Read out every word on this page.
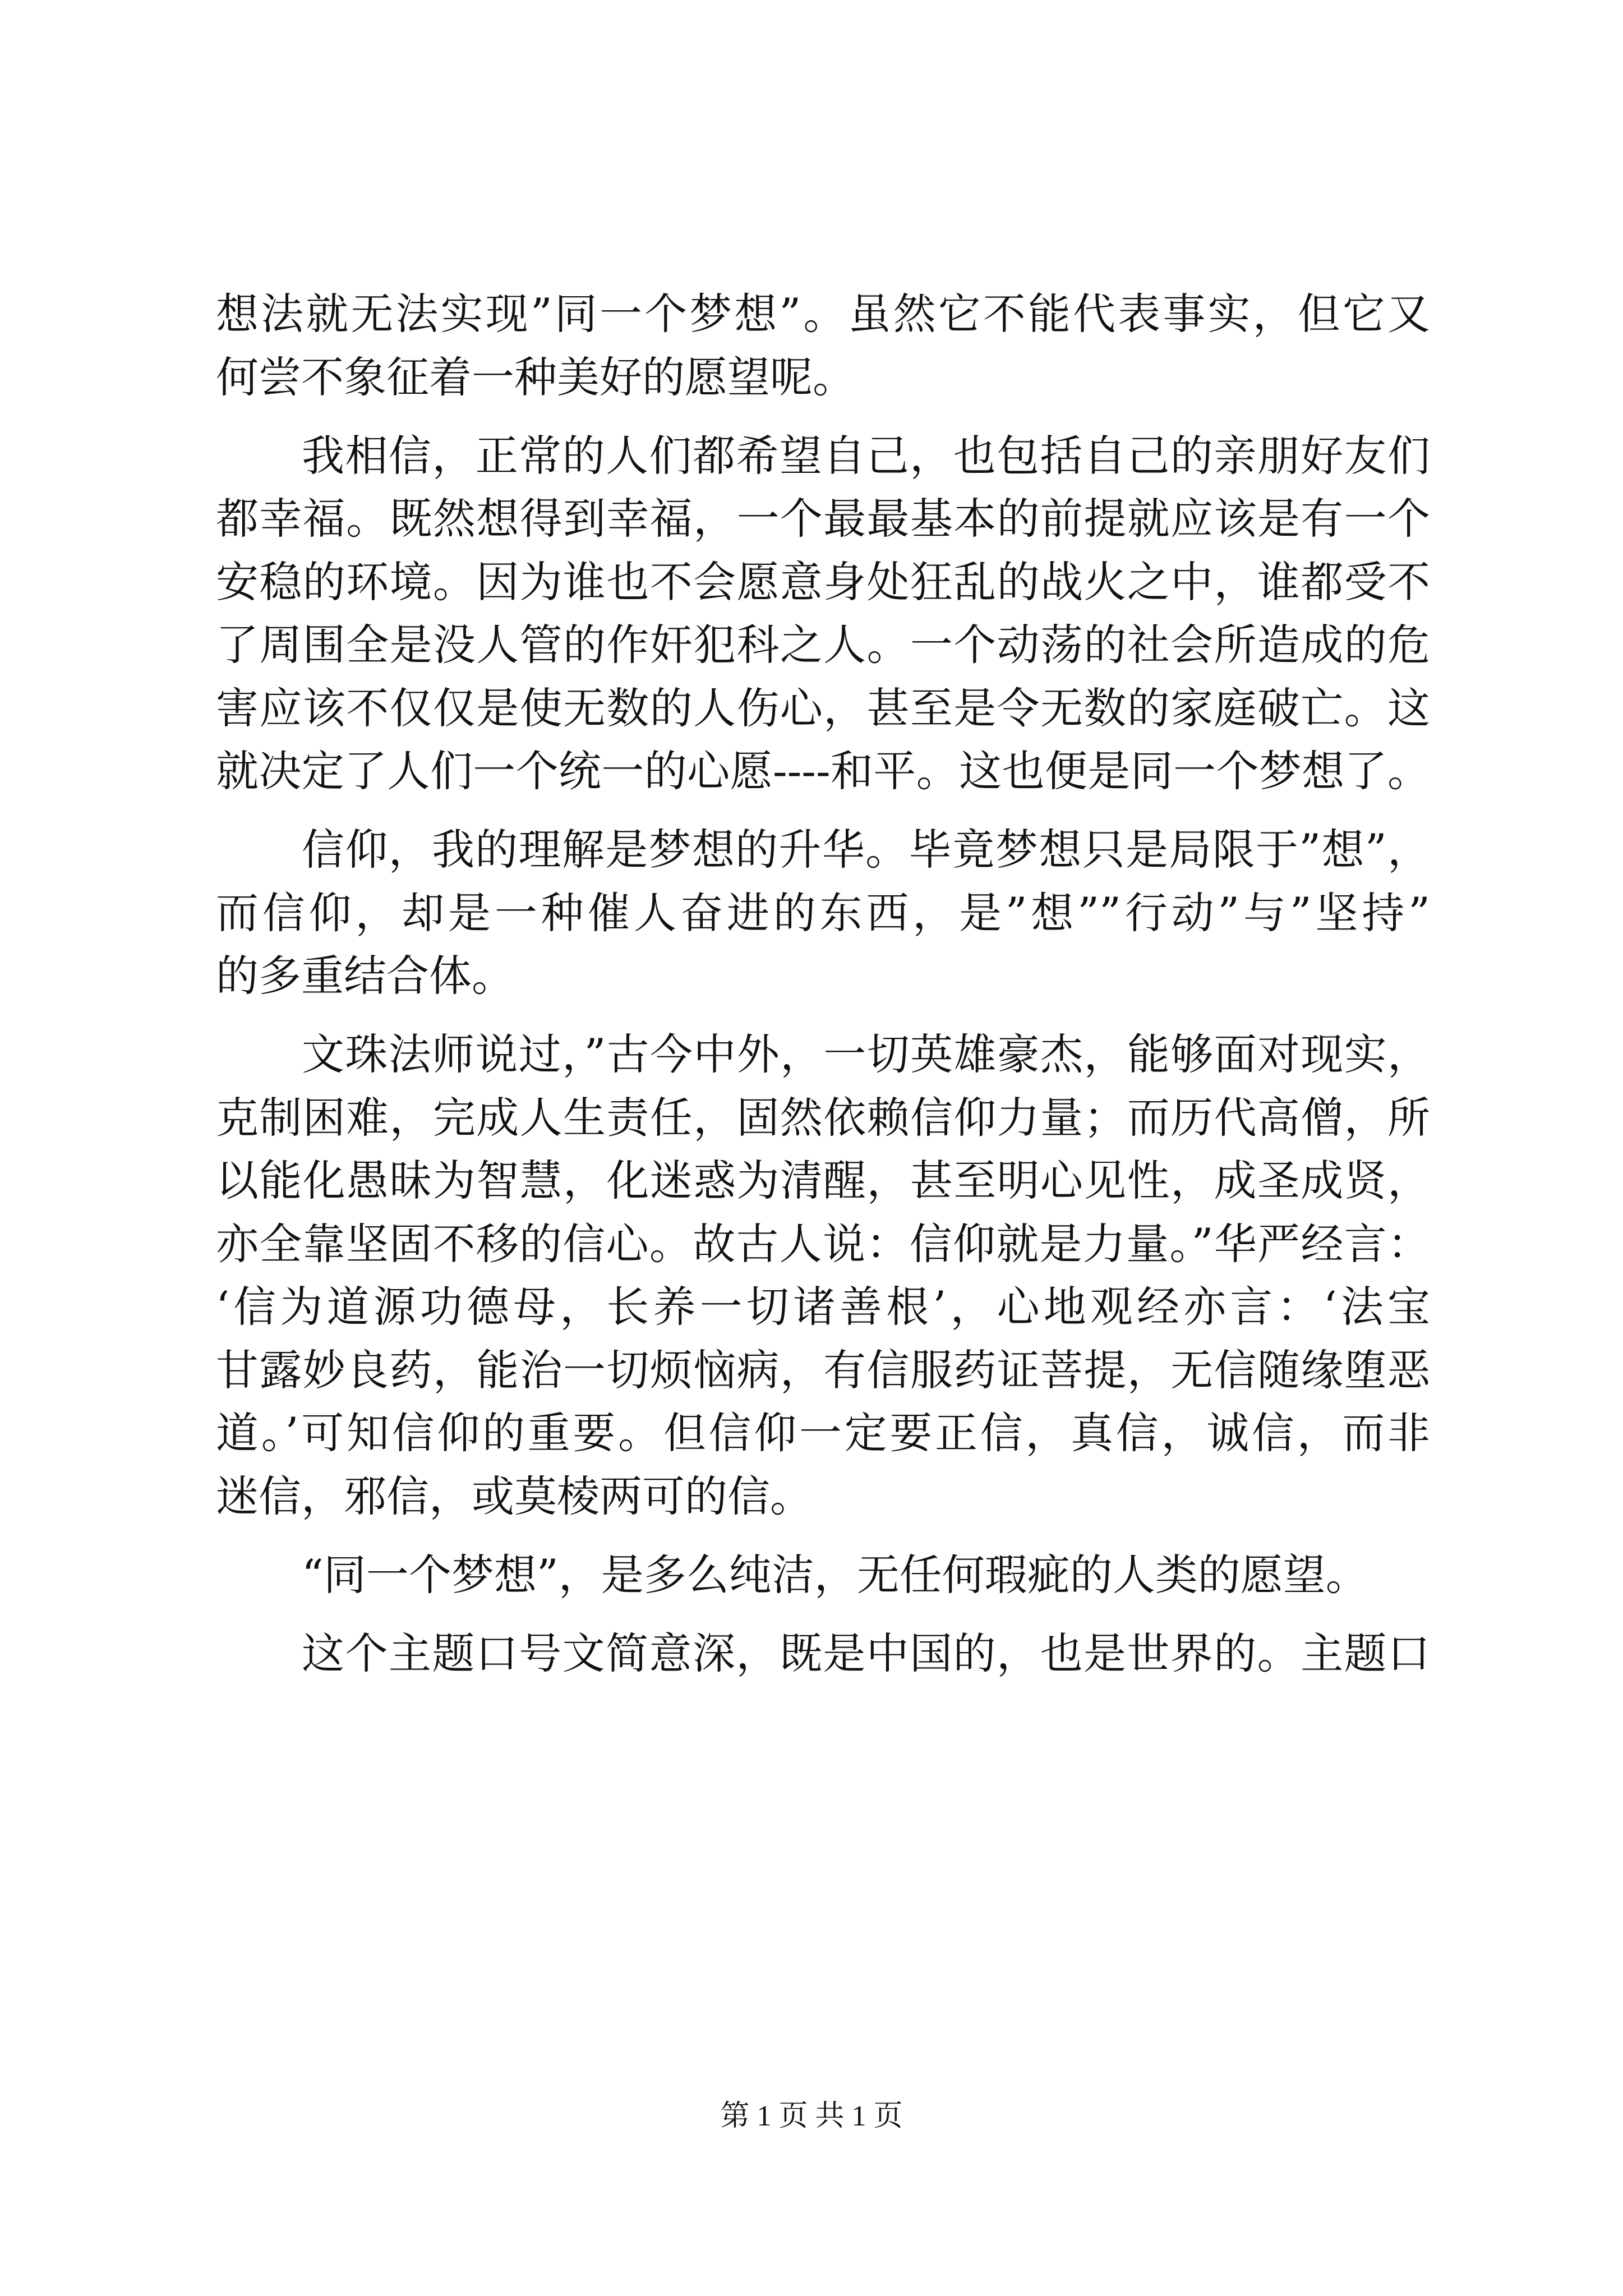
想法就无法实现”同一个梦想”。虽然它不能代表事实，但它又
何尝不象征着一种美好的愿望呢。
我相信，正常的人们都希望自己，也包括自己的亲朋好友们
都幸福。既然想得到幸福，一个最最基本的前提就应该是有一个
安稳的环境。因为谁也不会愿意身处狂乱的战火之中，谁都受不
了周围全是没人管的作奸犯科之人。一个动荡的社会所造成的危
害应该不仅仅是使无数的人伤心，甚至是令无数的家庭破亡。这
就决定了人们一个统一的心愿----和平。这也便是同一个梦想了。
信仰，我的理解是梦想的升华。毕竟梦想只是局限于”想”，
而信仰，却是一种催人奋进的东西，是”想””行动”与”坚持”
的多重结合体。
文珠法师说过，”古今中外，一切英雄豪杰，能够面对现实，
克制困难，完成人生责任，固然依赖信仰力量；而历代高僧，所
以能化愚昧为智慧，化迷惑为清醒，甚至明心见性，成圣成贤，
亦全靠坚固不移的信心。故古人说：信仰就是力量。”华严经言：
‘信为道源功德母，长养一切诸善根’，心地观经亦言：‘法宝
甘露妙良药，能治一切烦恼病，有信服药证菩提，无信随缘堕恶
道。’可知信仰的重要。但信仰一定要正信，真信，诚信，而非
迷信，邪信，或莫棱两可的信。
“同一个梦想”，是多么纯洁，无任何瑕疵的人类的愿望。
这个主题口号文简意深，既是中国的，也是世界的。主题口
第 1 页 共 1 页
